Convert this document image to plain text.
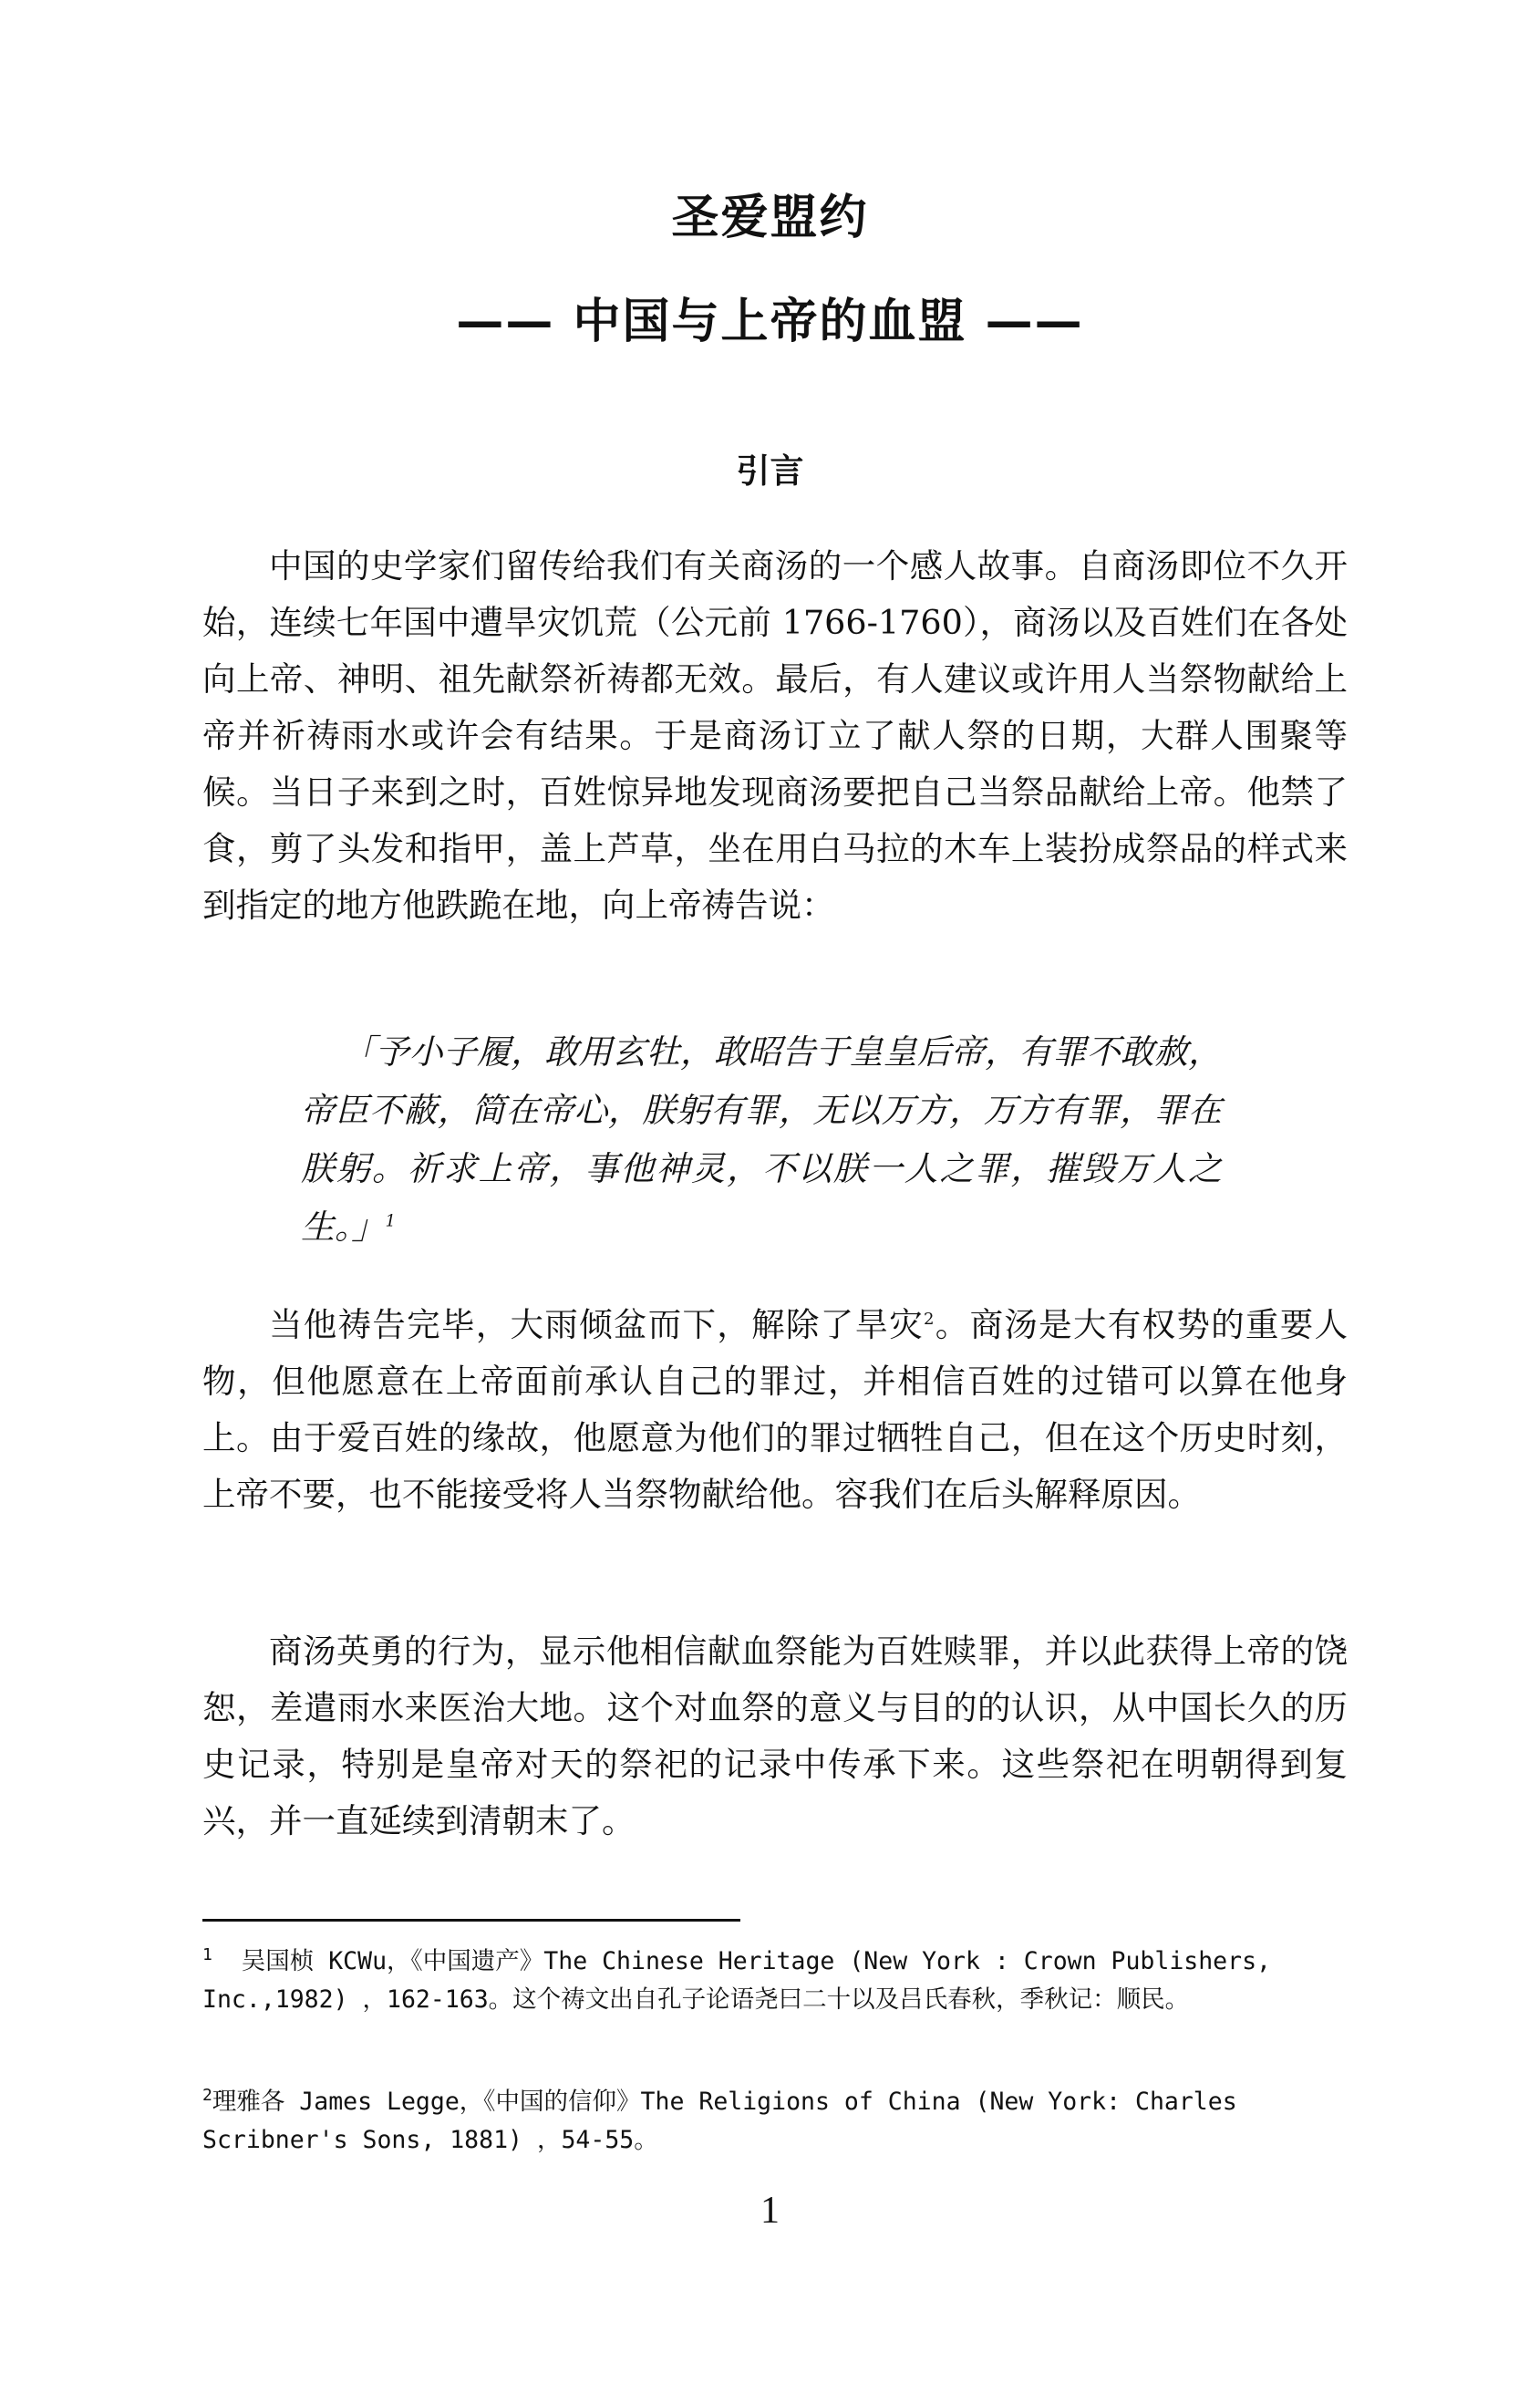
圣爱盟约
—— 中国与上帝的血盟 ——
引言

中国的史学家们留传给我们有关商汤的一个感人故事。自商汤即位不久开始，连续七年国中遭旱灾饥荒（公元前 1766-1760），商汤以及百姓们在各处向上帝、神明、祖先献祭祈祷都无效。最后，有人建议或许用人当祭物献给上帝并祈祷雨水或许会有结果。于是商汤订立了献人祭的日期，大群人围聚等候。当日子来到之时，百姓惊异地发现商汤要把自己当祭品献给上帝。他禁了食，剪了头发和指甲，盖上芦草，坐在用白马拉的木车上装扮成祭品的样式来到指定的地方他跌跪在地，向上帝祷告说：

「予小子履，敢用玄牡，敢昭告于皇皇后帝，有罪不敢赦，帝臣不蔽，简在帝心，朕躬有罪，无以万方，万方有罪，罪在朕躬。祈求上帝，事他神灵，不以朕一人之罪，摧毁万人之生。」$^1$

当他祷告完毕，大雨倾盆而下，解除了旱灾$^2$。商汤是大有权势的重要人物，但他愿意在上帝面前承认自己的罪过，并相信百姓的过错可以算在他身上。由于爱百姓的缘故，他愿意为他们的罪过牺牲自己，但在这个历史时刻，上帝不要，也不能接受将人当祭物献给他。容我们在后头解释原因。

商汤英勇的行为，显示他相信献血祭能为百姓赎罪，并以此获得上帝的饶恕，差遣雨水来医治大地。这个对血祭的意义与目的的认识，从中国长久的历史记录，特别是皇帝对天的祭祀的记录中传承下来。这些祭祀在明朝得到复兴，并一直延续到清朝末了。

$^1$ 吴国桢 KCWu，《中国遗产》The Chinese Heritage (New York : Crown Publishers, Inc.,1982) ，162-163。这个祷文出自孔子论语尧曰二十以及吕氏春秋，季秋记：顺民。

$^2$理雅各 James Legge，《中国的信仰》The Religions of China (New York: Charles Scribner's Sons, 1881) ，54-55。

1
